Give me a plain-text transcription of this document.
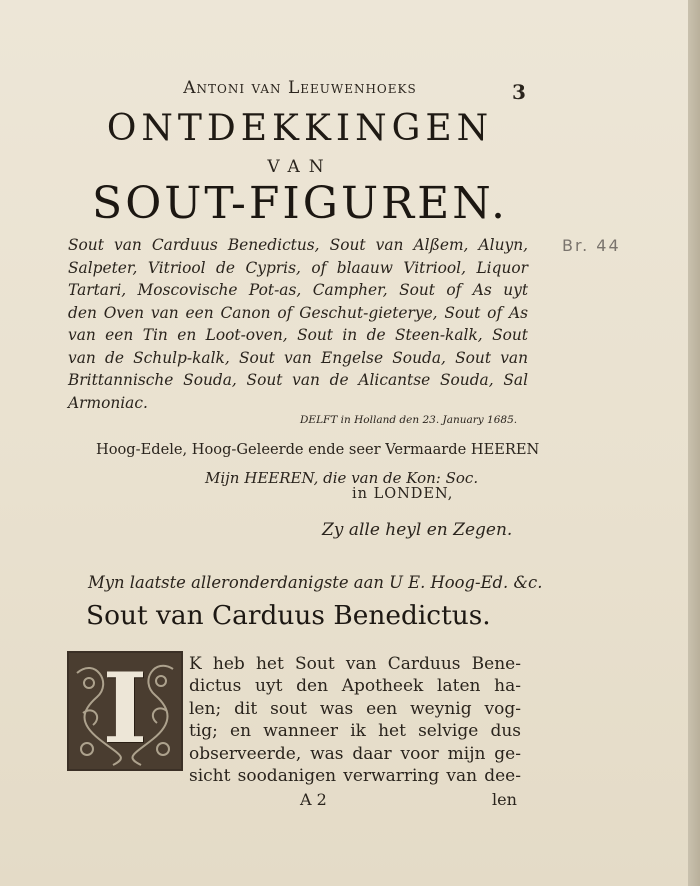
Antoni van Leeuwenhoeks	3
ONTDEKKINGEN
VAN
SOUT-FIGUREN.
Sout van Carduus Benedictus, Sout van Alßem, Aluyn,
Salpeter, Vitriool de Cypris, of blaauw Vitriool, Liquor
Tartari, Moscovische Pot-as, Campher, Sout of As uyt
den Oven van een Canon of Geschut-gieterye, Sout of As
van een Tin en Loot-oven, Sout in de Steen-kalk, Sout
van de Schulp-kalk, Sout van Engelse Souda, Sout van
Brittannische Souda, Sout van de Alicantse Souda, Sal
Armoniac.
Br. 44
DELFT in Holland den 23. January 1685.
Hoog-Edele, Hoog-Geleerde ende seer Vermaarde HEEREN
Mijn HEEREN, die van de Kon: Soc.
in LONDEN,
Zy alle heyl en Zegen.
Myn laatste alleronderdanigste aan U E. Hoog-Ed. &c.
Sout van Carduus Benedictus.
I	K heb het Sout van Carduus Bene-
dictus uyt den Apotheek laten ha-
len; dit sout was een weynig vog-
tig; en wanneer ik het selvige dus
observeerde, was daar voor mijn ge-
sicht soodanigen verwarring van dee-
A 2	len
